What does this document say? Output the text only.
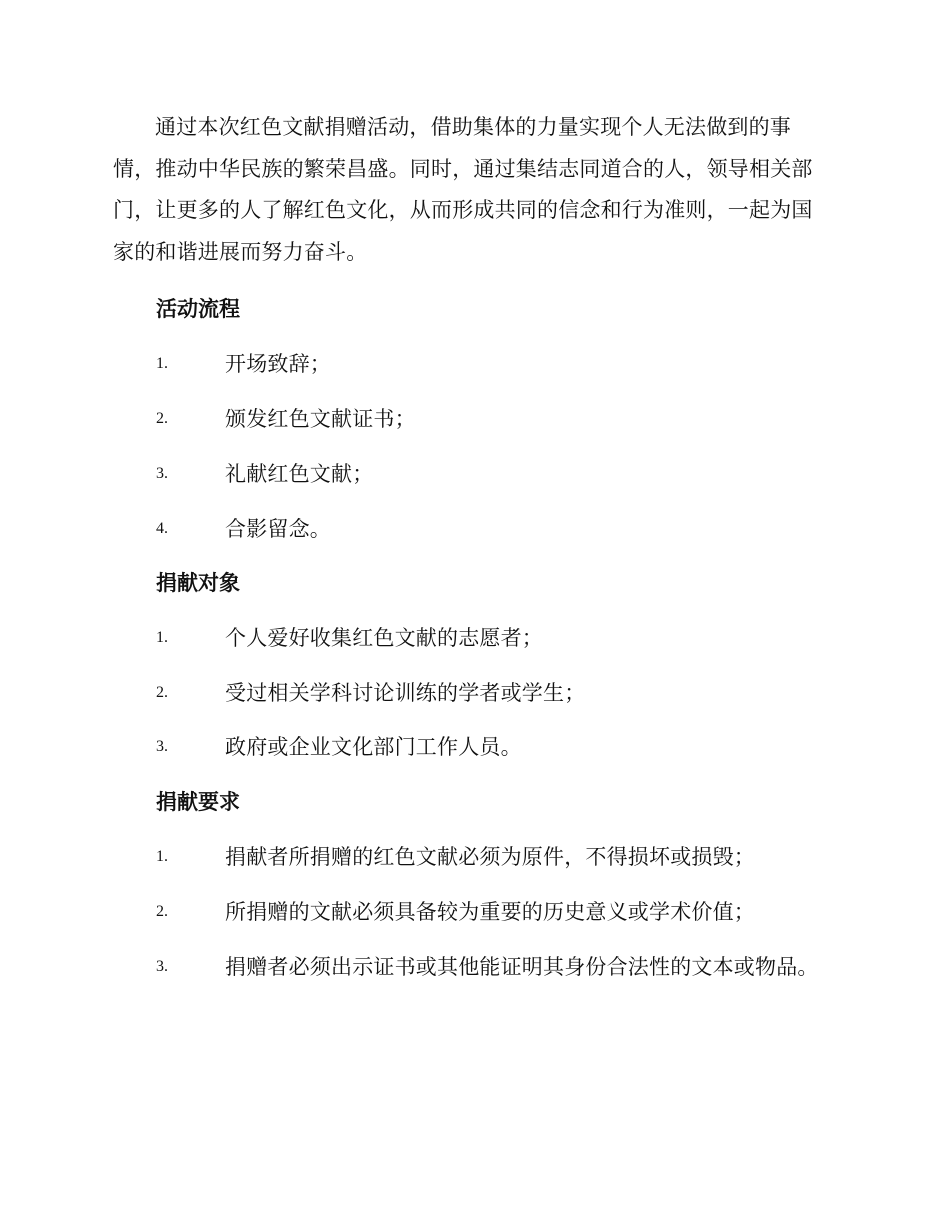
通过本次红色文献捐赠活动，借助集体的力量实现个人无法做到的事情，推动中华民族的繁荣昌盛。同时，通过集结志同道合的人，领导相关部门，让更多的人了解红色文化，从而形成共同的信念和行为准则，一起为国家的和谐进展而努力奋斗。

活动流程
1.	开场致辞；
2.	颁发红色文献证书；
3.	礼献红色文献；
4.	合影留念。
捐献对象
1.	个人爱好收集红色文献的志愿者；
2.	受过相关学科讨论训练的学者或学生；
3.	政府或企业文化部门工作人员。
捐献要求
1.	捐献者所捐赠的红色文献必须为原件，不得损坏或损毁；
2.	所捐赠的文献必须具备较为重要的历史意义或学术价值；
3.	捐赠者必须出示证书或其他能证明其身份合法性的文本或物品。
